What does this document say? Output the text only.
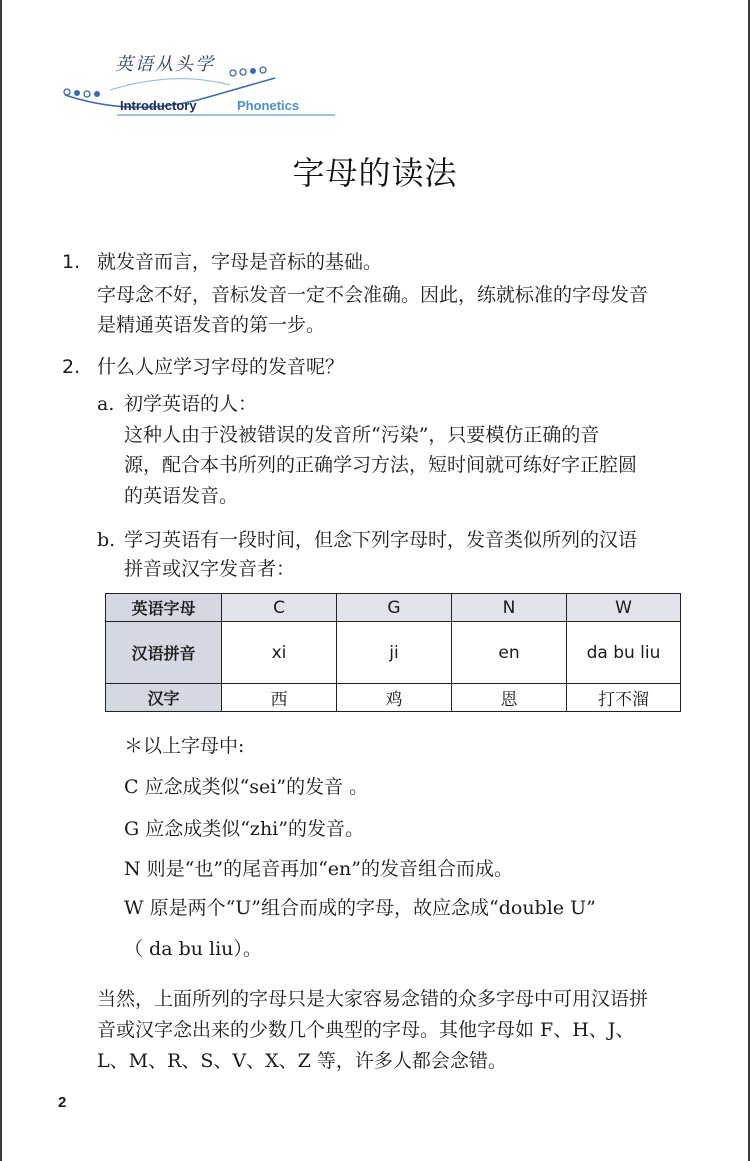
英语从头学
Introductory	Phonetics
字母的读法
1. 就发音而言，字母是音标的基础。
字母念不好，音标发音一定不会准确。因此，练就标准的字母发音
是精通英语发音的第一步。
2. 什么人应学习字母的发音呢？
a. 初学英语的人：
这种人由于没被错误的发音所“污染”，只要模仿正确的音
源，配合本书所列的正确学习方法，短时间就可练好字正腔圆
的英语发音。
b. 学习英语有一段时间，但念下列字母时，发音类似所列的汉语
拼音或汉字发音者：
英语字母	C	G	N	W
汉语拼音	xi	ji	en	da bu liu
汉字	西	鸡	恩	打不溜
＊以上字母中:
C 应念成类似“sei”的发音 。
G 应念成类似“zhi”的发音。
N 则是“也”的尾音再加“en”的发音组合而成。
W 原是两个“U”组合而成的字母，故应念成“double U”
（ da bu liu）。
当然，上面所列的字母只是大家容易念错的众多字母中可用汉语拼
音或汉字念出来的少数几个典型的字母。其他字母如 F、H、J、
L、M、R、S、V、X、Z 等，许多人都会念错。
2
